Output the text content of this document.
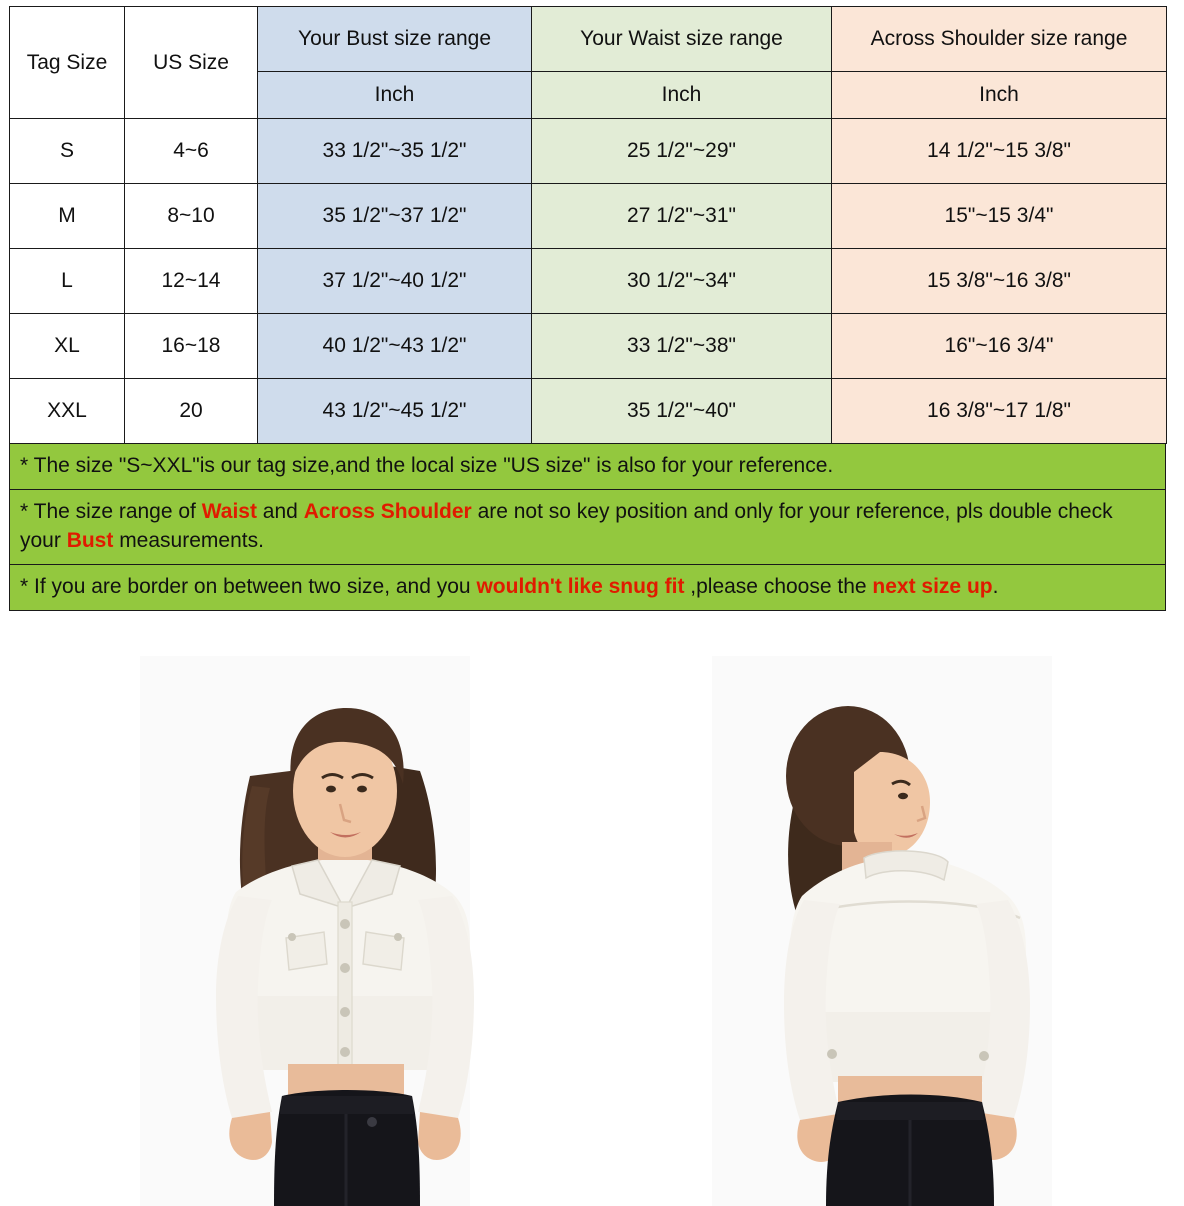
Tag Size	US Size	Your Bust size range	Your Waist size range	Across Shoulder size range
		Inch	Inch	Inch
S	4~6	33 1/2"~35 1/2"	25 1/2"~29"	14 1/2"~15 3/8"
M	8~10	35 1/2"~37 1/2"	27 1/2"~31"	15"~15 3/4"
L	12~14	37 1/2"~40 1/2"	30 1/2"~34"	15 3/8"~16 3/8"
XL	16~18	40 1/2"~43 1/2"	33 1/2"~38"	16"~16 3/4"
XXL	20	43 1/2"~45 1/2"	35 1/2"~40"	16 3/8"~17 1/8"
* The size "S~XXL"is our tag size,and the local size "US size" is also for your reference.
* The size range of Waist and Across Shoulder are not so key position and only for your reference, pls double check your Bust measurements.
* If you are border on between two size, and you wouldn't like snug fit ,please choose the next size up.
